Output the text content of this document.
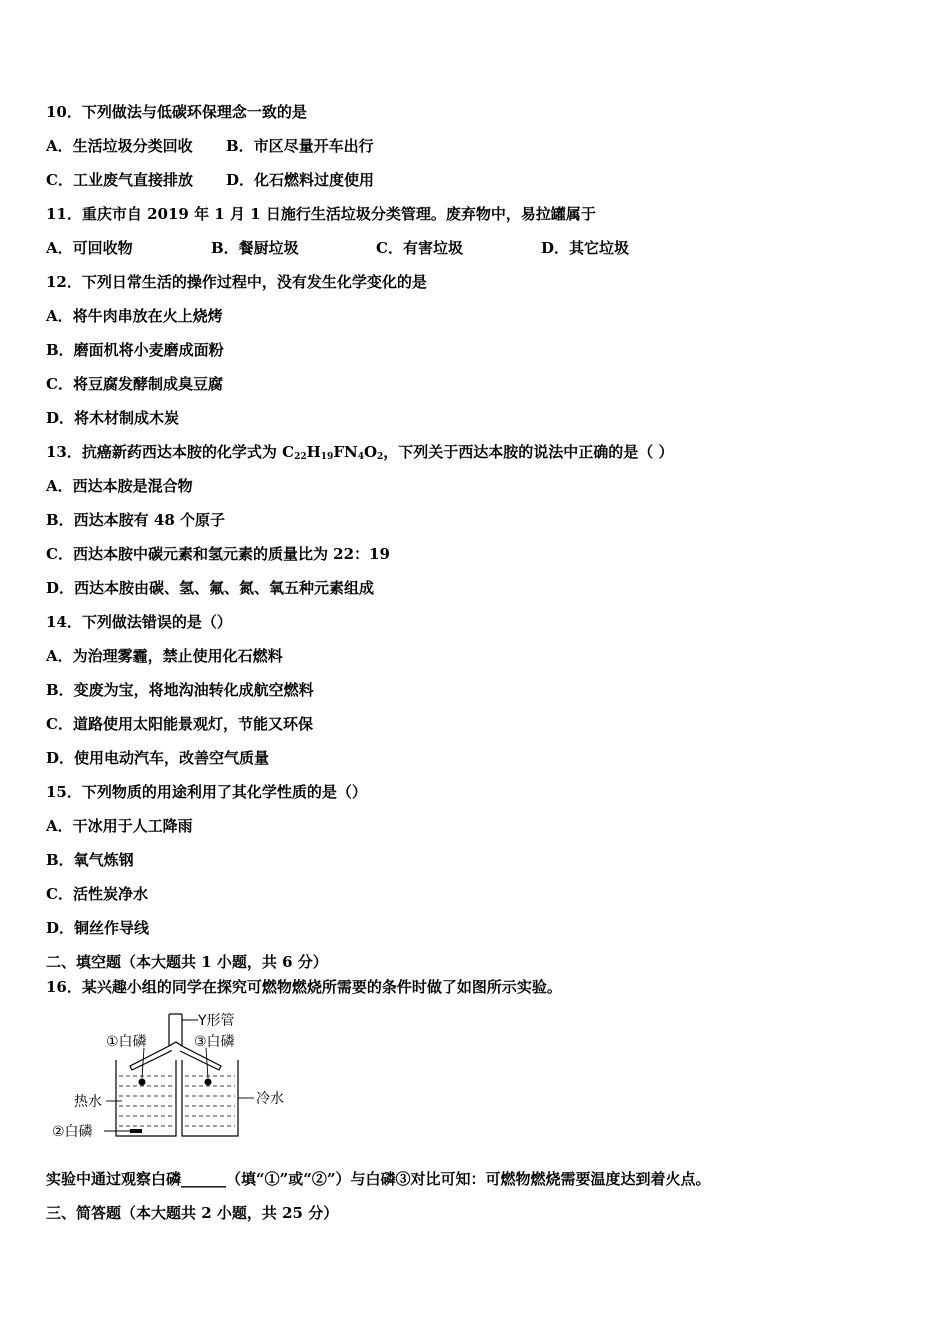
10．下列做法与低碳环保理念一致的是
A．生活垃圾分类回收 B．市区尽量开车出行
C．工业废气直接排放 D．化石燃料过度使用
11．重庆市自 2019 年 1 月 1 日施行生活垃圾分类管理。废弃物中，易拉罐属于
A．可回收物	B．餐厨垃圾	C．有害垃圾	D．其它垃圾
12．下列日常生活的操作过程中，没有发生化学变化的是
A．将牛肉串放在火上烧烤
B．磨面机将小麦磨成面粉
C．将豆腐发酵制成臭豆腐
D．将木材制成木炭
13．抗癌新药西达本胺的化学式为 $C_{22}H_{19}FN_4O_2$，下列关于西达本胺的说法中正确的是（ ）
A．西达本胺是混合物
B．西达本胺有 48 个原子
C．西达本胺中碳元素和氢元素的质量比为 22：19
D．西达本胺由碳、氢、氟、氮、氧五种元素组成
14．下列做法错误的是（）
A．为治理雾霾，禁止使用化石燃料
B．变废为宝，将地沟油转化成航空燃料
C．道路使用太阳能景观灯，节能又环保
D．使用电动汽车，改善空气质量
15．下列物质的用途利用了其化学性质的是（）
A．干冰用于人工降雨
B．氧气炼钢
C．活性炭净水
D．铜丝作导线
二、填空题（本大题共 1 小题，共 6 分）
16．某兴趣小组的同学在探究可燃物燃烧所需要的条件时做了如图所示实验。
Y形管
①白磷	③白磷
热水	冷水
②白磷
实验中通过观察白磷______（填“①”或“②”）与白磷③对比可知：可燃物燃烧需要温度达到着火点。
三、简答题（本大题共 2 小题，共 25 分）
